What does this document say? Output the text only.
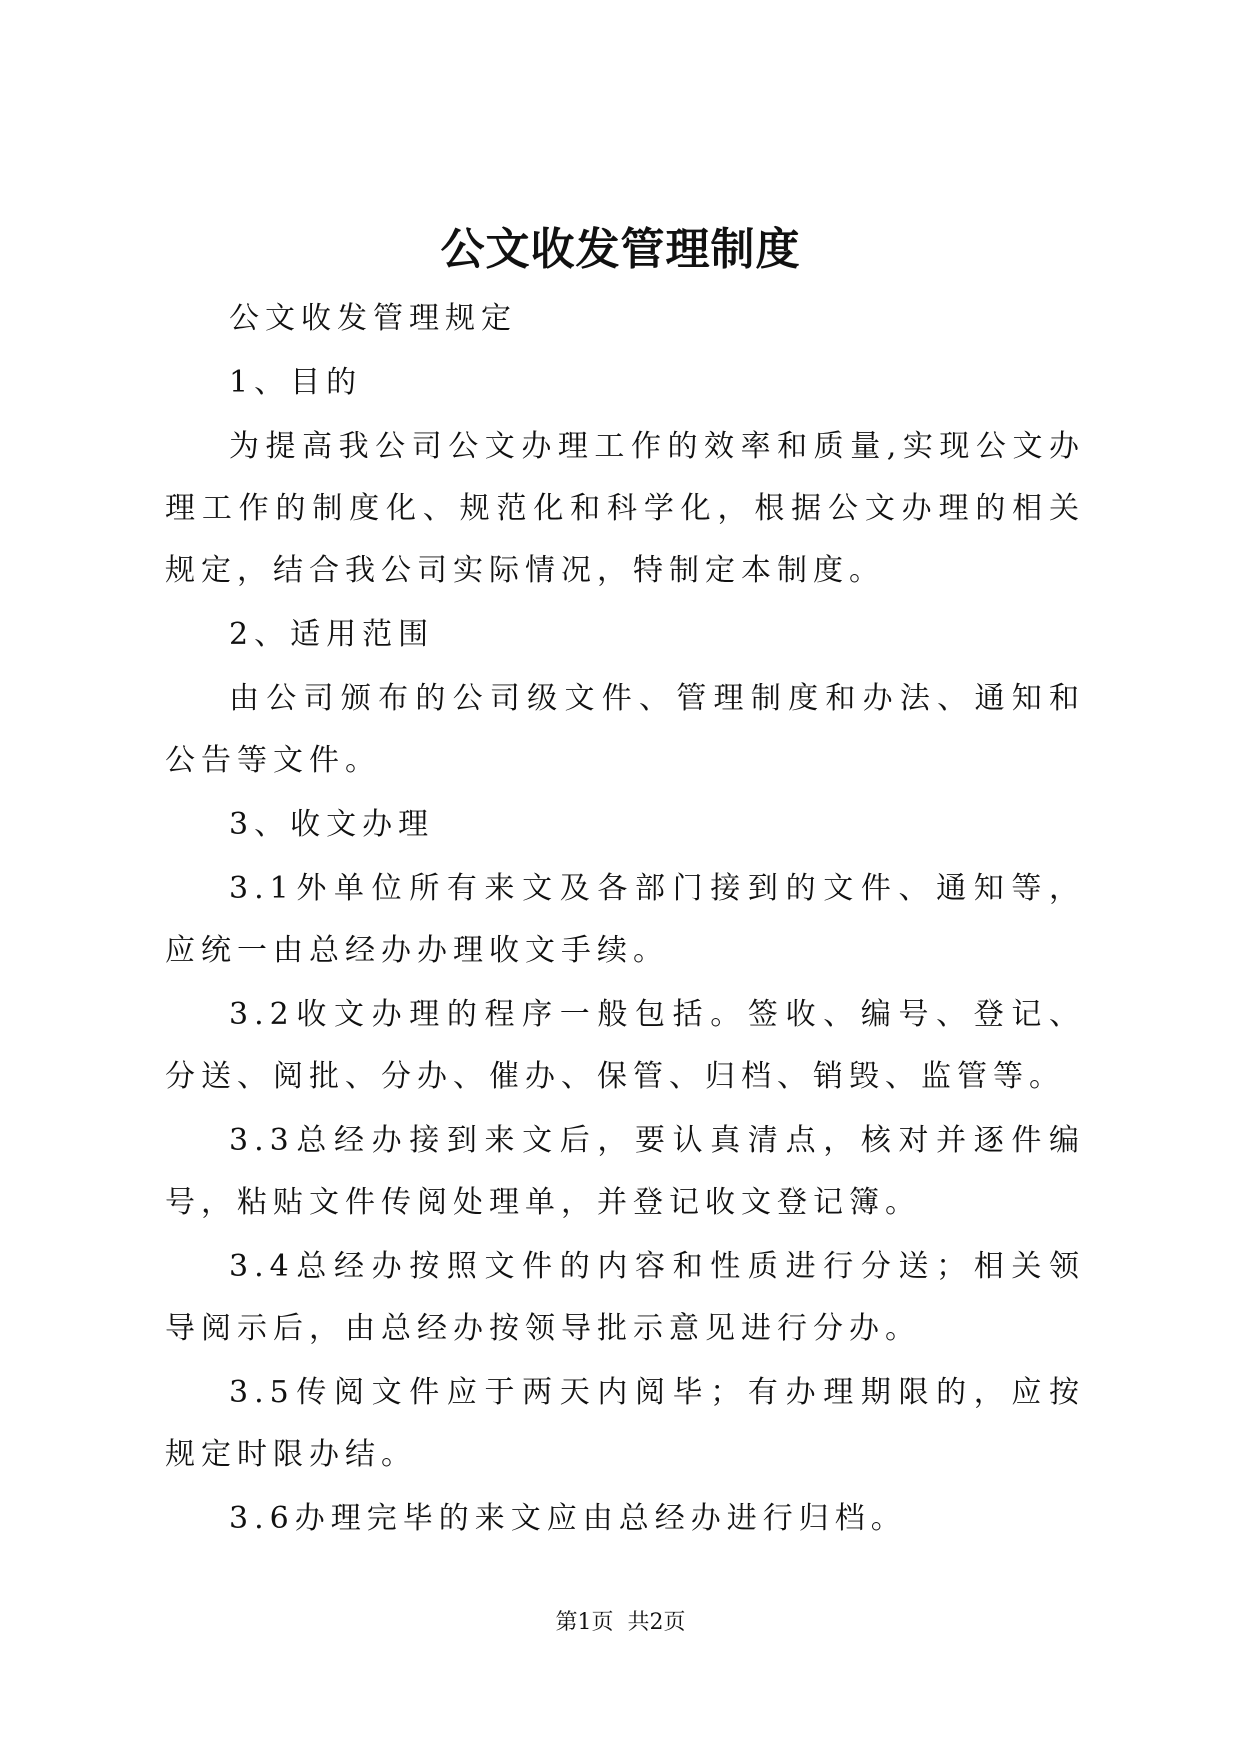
公文收发管理制度

公文收发管理规定

1、目的

为提高我公司公文办理工作的效率和质量,实现公文办理工作的制度化、规范化和科学化，根据公文办理的相关规定，结合我公司实际情况，特制定本制度。

2、适用范围

由公司颁布的公司级文件、管理制度和办法、通知和公告等文件。

3、收文办理

3.1外单位所有来文及各部门接到的文件、通知等，应统一由总经办办理收文手续。

3.2收文办理的程序一般包括。签收、编号、登记、分送、阅批、分办、催办、保管、归档、销毁、监管等。

3.3总经办接到来文后，要认真清点，核对并逐件编号，粘贴文件传阅处理单，并登记收文登记簿。

3.4总经办按照文件的内容和性质进行分送；相关领导阅示后，由总经办按领导批示意见进行分办。

3.5传阅文件应于两天内阅毕；有办理期限的，应按规定时限办结。

3.6办理完毕的来文应由总经办进行归档。

第1页 共2页
